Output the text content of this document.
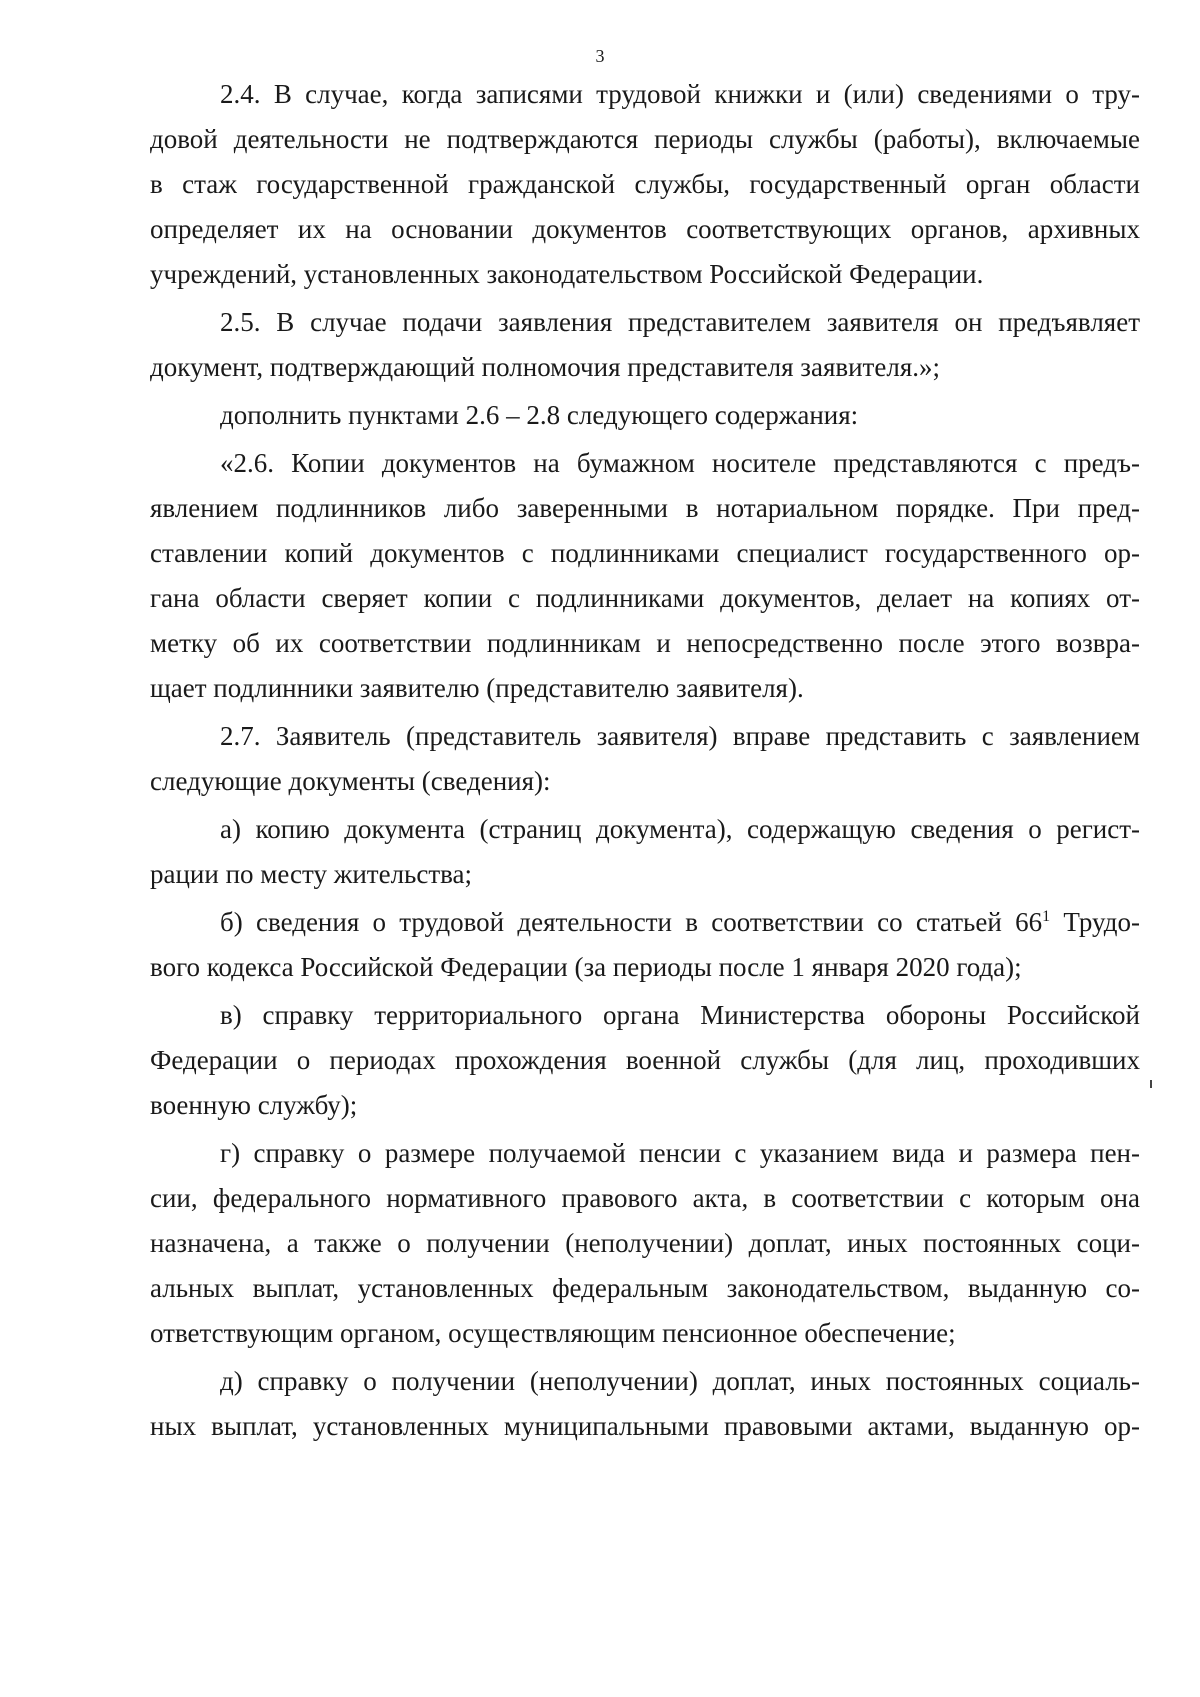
3
2.4. В случае, когда записями трудовой книжки и (или) сведениями о тру-
довой деятельности не подтверждаются периоды службы (работы), включаемые
в стаж государственной гражданской службы, государственный орган области
определяет их на основании документов соответствующих органов, архивных
учреждений, установленных законодательством Российской Федерации.
2.5. В случае подачи заявления представителем заявителя он предъявляет
документ, подтверждающий полномочия представителя заявителя.»;
дополнить пунктами 2.6 – 2.8 следующего содержания:
«2.6. Копии документов на бумажном носителе представляются с предъ-
явлением подлинников либо заверенными в нотариальном порядке. При пред-
ставлении копий документов с подлинниками специалист государственного ор-
гана области сверяет копии с подлинниками документов, делает на копиях от-
метку об их соответствии подлинникам и непосредственно после этого возвра-
щает подлинники заявителю (представителю заявителя).
2.7. Заявитель (представитель заявителя) вправе представить с заявлением
следующие документы (сведения):
а) копию документа (страниц документа), содержащую сведения о регист-
рации по месту жительства;
б) сведения о трудовой деятельности в соответствии со статьей $66^1$ Трудо-
вого кодекса Российской Федерации (за периоды после 1 января 2020 года);
в) справку территориального органа Министерства обороны Российской
Федерации о периодах прохождения военной службы (для лиц, проходивших
военную службу);
г) справку о размере получаемой пенсии с указанием вида и размера пен-
сии, федерального нормативного правового акта, в соответствии с которым она
назначена, а также о получении (неполучении) доплат, иных постоянных соци-
альных выплат, установленных федеральным законодательством, выданную со-
ответствующим органом, осуществляющим пенсионное обеспечение;
д) справку о получении (неполучении) доплат, иных постоянных социаль-
ных выплат, установленных муниципальными правовыми актами, выданную ор-
